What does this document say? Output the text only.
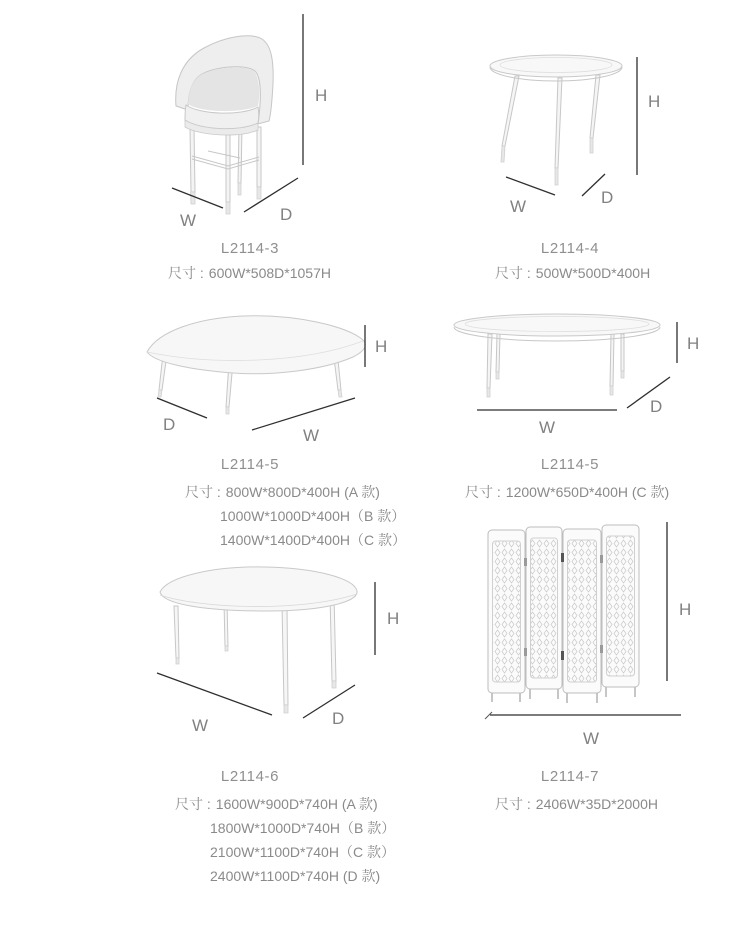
H
W	D
L2114-3
尺寸 : 600W*508D*1057H
H
W	D
L2114-4
尺寸 : 500W*500D*400H
H
D
W
L2114-5
尺寸 : 800W*800D*400H (A 款)
1000W*1000D*400H（B 款）
1400W*1400D*400H（C 款）
H
W
D
L2114-5
尺寸 : 1200W*650D*400H (C 款)
H
W	D
L2114-6
尺寸 : 1600W*900D*740H (A 款)
1800W*1000D*740H（B 款）
2100W*1100D*740H（C 款）
2400W*1100D*740H (D 款)
H
W
L2114-7
尺寸 : 2406W*35D*2000H
